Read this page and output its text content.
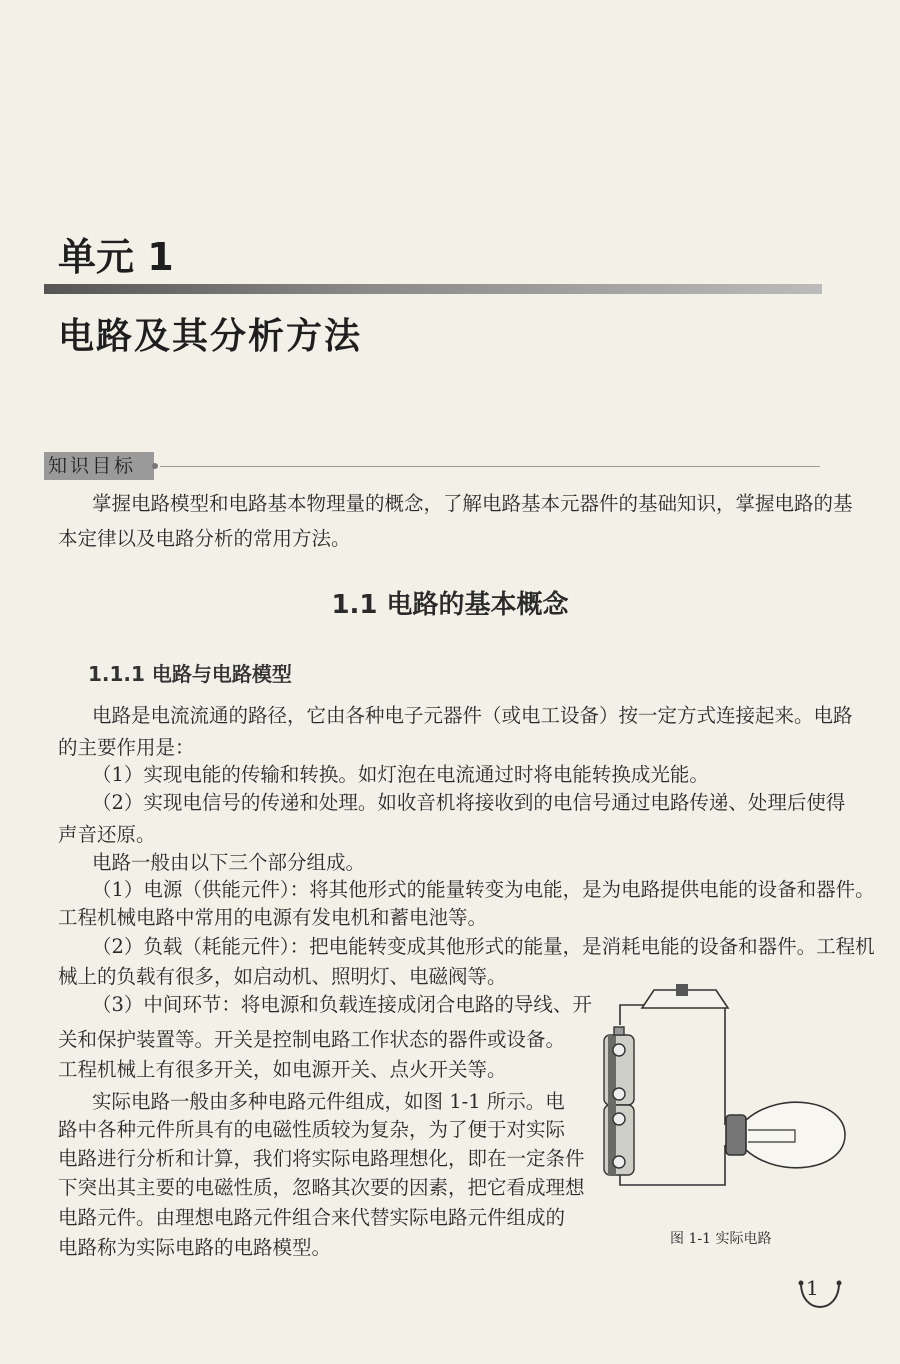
单元 1
电路及其分析方法
知识目标
掌握电路模型和电路基本物理量的概念，了解电路基本元器件的基础知识，掌握电路的基
本定律以及电路分析的常用方法。
1.1 电路的基本概念
1.1.1 电路与电路模型
电路是电流流通的路径，它由各种电子元器件（或电工设备）按一定方式连接起来。电路
的主要作用是：
（1）实现电能的传输和转换。如灯泡在电流通过时将电能转换成光能。
（2）实现电信号的传递和处理。如收音机将接收到的电信号通过电路传递、处理后使得
声音还原。
电路一般由以下三个部分组成。
（1）电源（供能元件）：将其他形式的能量转变为电能，是为电路提供电能的设备和器件。
工程机械电路中常用的电源有发电机和蓄电池等。
（2）负载（耗能元件）：把电能转变成其他形式的能量，是消耗电能的设备和器件。工程机
械上的负载有很多，如启动机、照明灯、电磁阀等。
（3）中间环节：将电源和负载连接成闭合电路的导线、开
关和保护装置等。开关是控制电路工作状态的器件或设备。
工程机械上有很多开关，如电源开关、点火开关等。
实际电路一般由多种电路元件组成，如图 1-1 所示。电
路中各种元件所具有的电磁性质较为复杂，为了便于对实际
电路进行分析和计算，我们将实际电路理想化，即在一定条件
下突出其主要的电磁性质，忽略其次要的因素，把它看成理想
电路元件。由理想电路元件组合来代替实际电路元件组成的
电路称为实际电路的电路模型。	图 1-1 实际电路
1
